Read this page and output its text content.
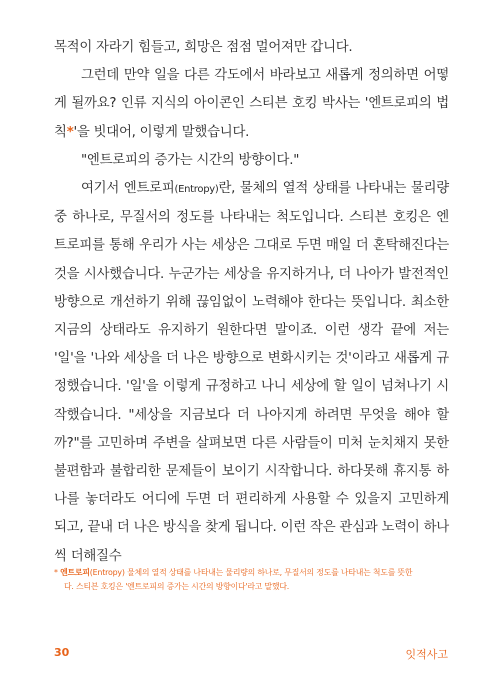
목적이 자라기 힘들고, 희망은 점점 멀어져만 갑니다.

그런데 만약 일을 다른 각도에서 바라보고 새롭게 정의하면 어떻게 될까요? 인류 지식의 아이콘인 스티븐 호킹 박사는 '엔트로피의 법칙*'을 빗대어, 이렇게 말했습니다.

"엔트로피의 증가는 시간의 방향이다."

여기서 엔트로피(Entropy)란, 물체의 열적 상태를 나타내는 물리량 중 하나로, 무질서의 정도를 나타내는 척도입니다. 스티븐 호킹은 엔트로피를 통해 우리가 사는 세상은 그대로 두면 매일 더 혼탁해진다는 것을 시사했습니다. 누군가는 세상을 유지하거나, 더 나아가 발전적인 방향으로 개선하기 위해 끊임없이 노력해야 한다는 뜻입니다. 최소한 지금의 상태라도 유지하기 원한다면 말이죠. 이런 생각 끝에 저는 '일'을 '나와 세상을 더 나은 방향으로 변화시키는 것'이라고 새롭게 규정했습니다. '일'을 이렇게 규정하고 나니 세상에 할 일이 넘쳐나기 시작했습니다. "세상을 지금보다 더 나아지게 하려면 무엇을 해야 할까?"를 고민하며 주변을 살펴보면 다른 사람들이 미처 눈치채지 못한 불편함과 불합리한 문제들이 보이기 시작합니다. 하다못해 휴지통 하나를 놓더라도 어디에 두면 더 편리하게 사용할 수 있을지 고민하게 되고, 끝내 더 나은 방식을 찾게 됩니다. 이런 작은 관심과 노력이 하나씩 더해질수

* 엔트로피(Entropy) 물체의 열적 상태를 나타내는 물리량의 하나로, 무질서의 정도를 나타내는 척도를 뜻한
다. 스티븐 호킹은 '엔트로피의 증가는 시간의 방향이다'라고 말했다.
30	잇적사고
